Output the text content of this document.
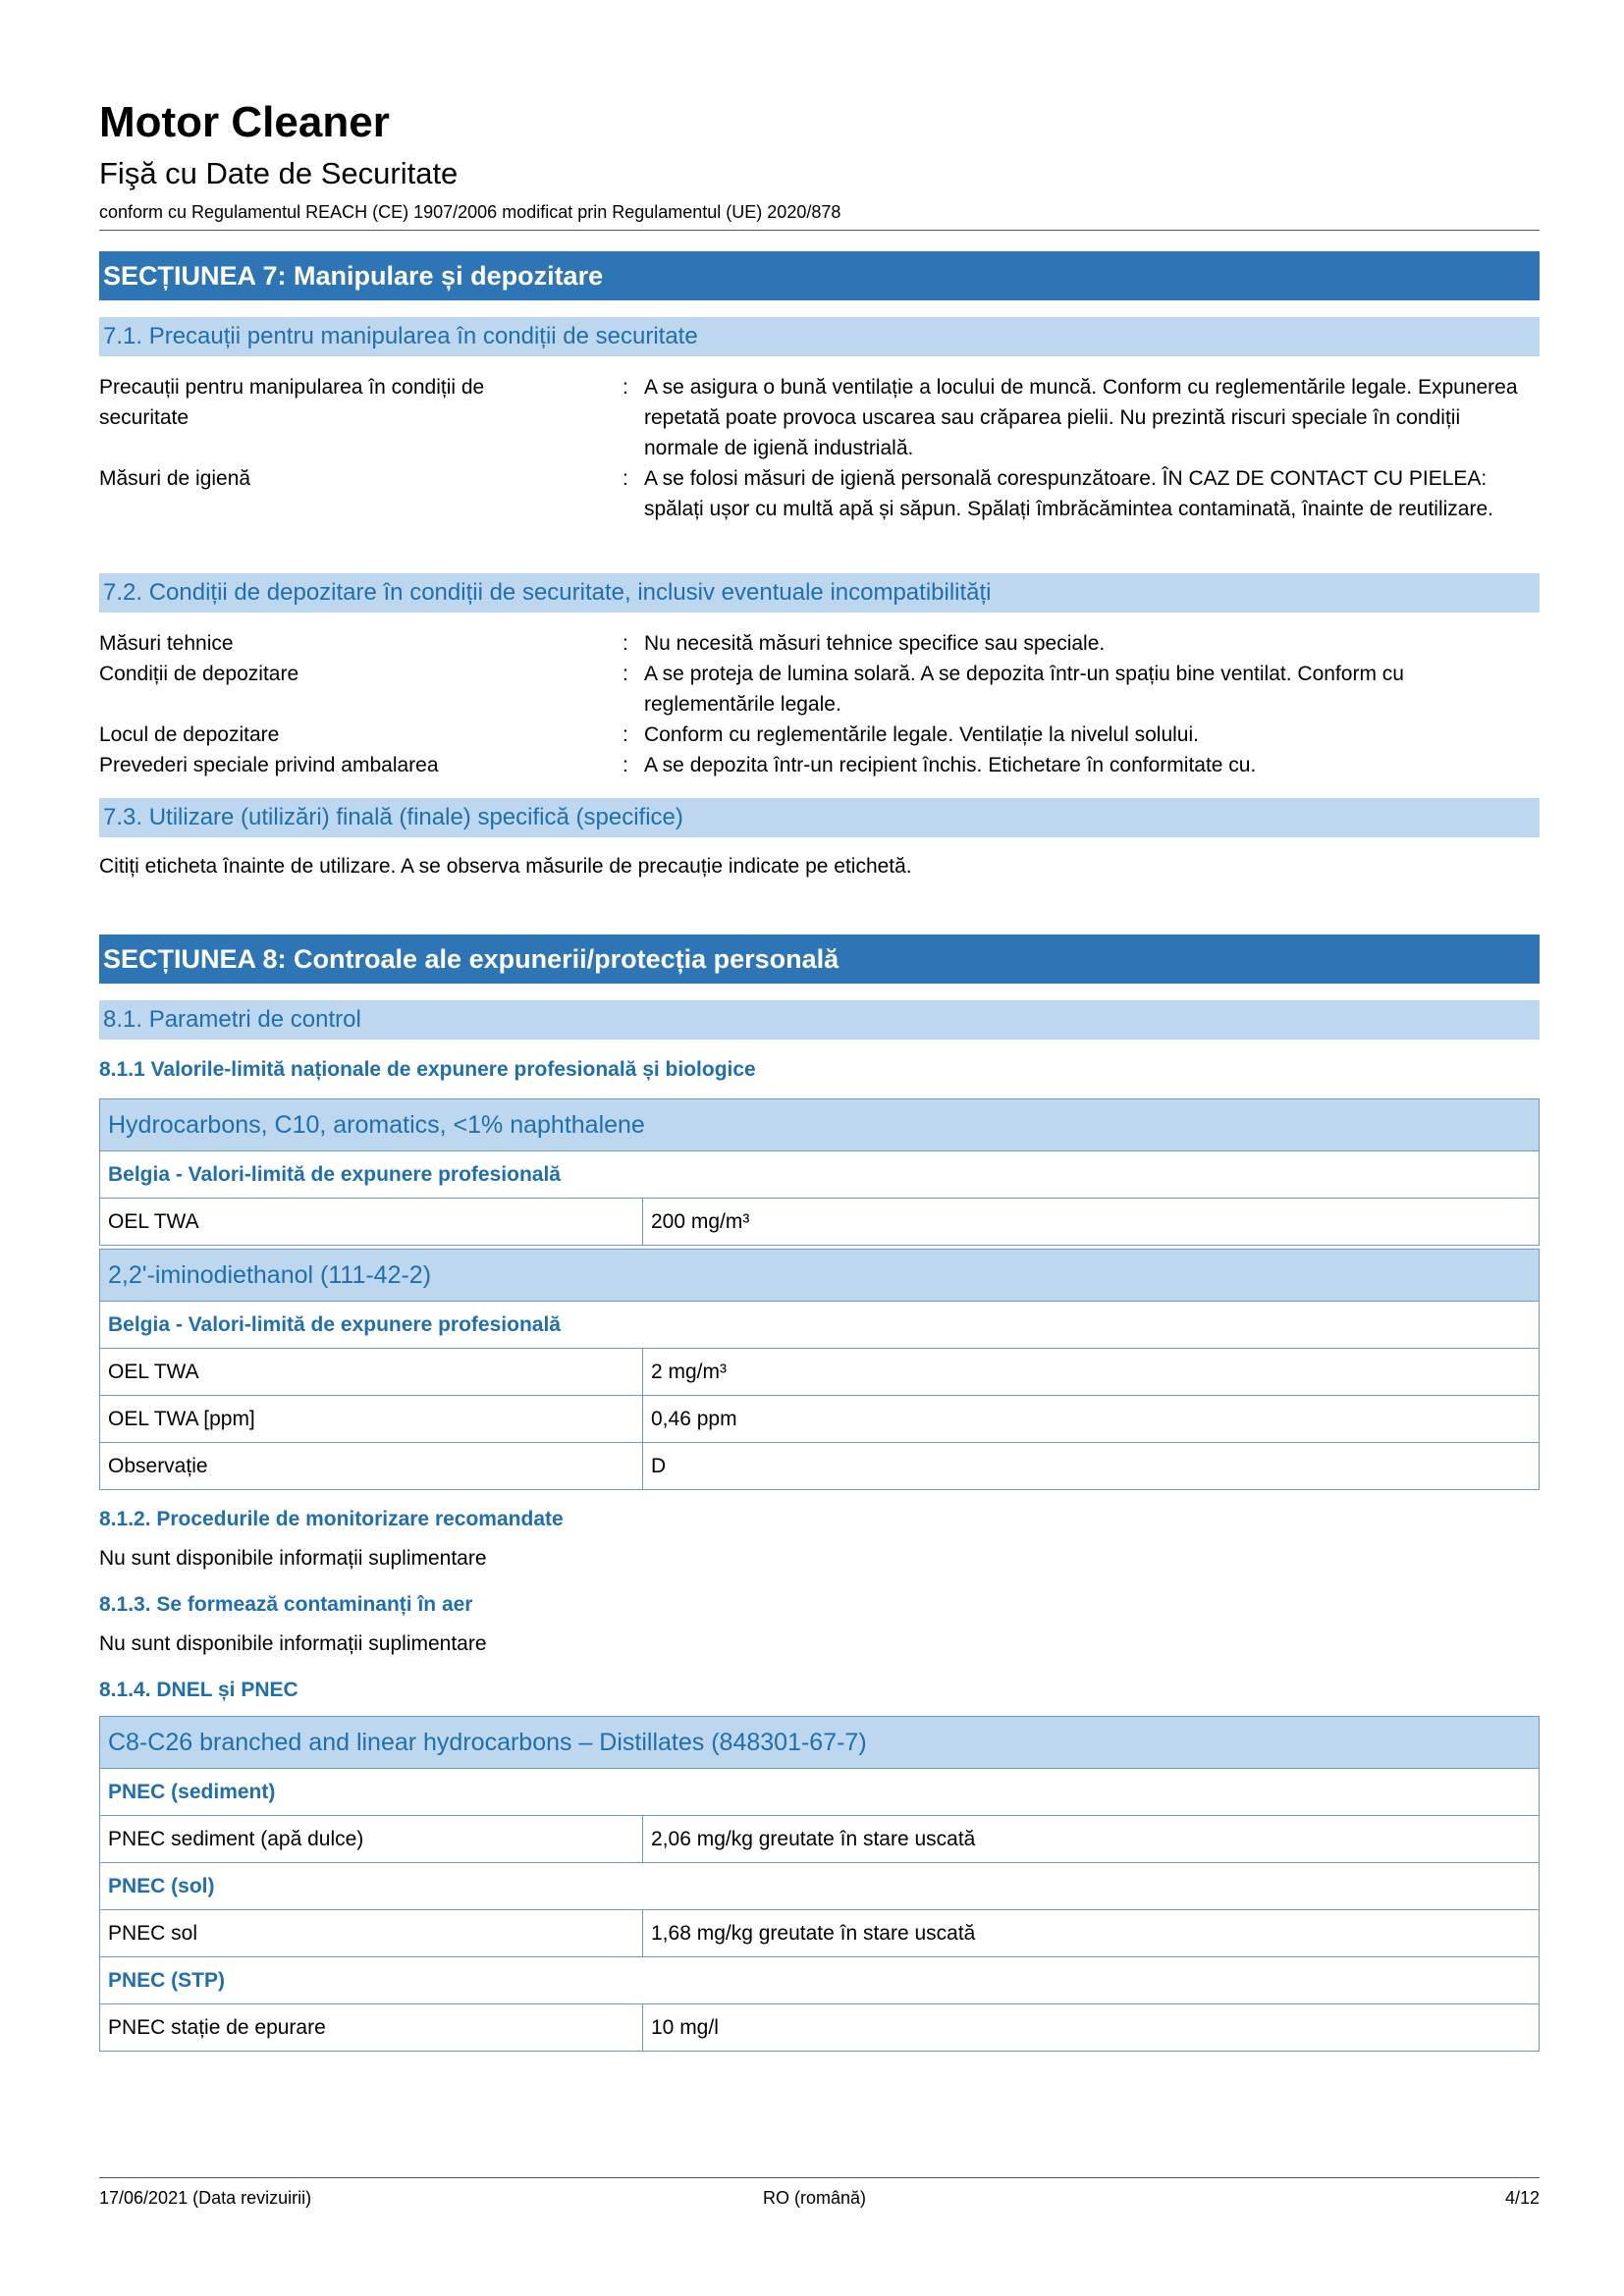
Motor Cleaner
Fişă cu Date de Securitate
conform cu Regulamentul REACH (CE) 1907/2006 modificat prin Regulamentul (UE) 2020/878
SECȚIUNEA 7: Manipulare și depozitare
7.1. Precauții pentru manipularea în condiții de securitate
Precauții pentru manipularea în condiții de securitate
: A se asigura o bună ventilație a locului de muncă. Conform cu reglementările legale. Expunerea repetată poate provoca uscarea sau crăparea pielii. Nu prezintă riscuri speciale în condiții normale de igienă industrială.
Măsuri de igienă	: A se folosi măsuri de igienă personală corespunzătoare. ÎN CAZ DE CONTACT CU PIELEA: spălați ușor cu multă apă și săpun. Spălați îmbrăcămintea contaminată, înainte de reutilizare.
7.2. Condiții de depozitare în condiții de securitate, inclusiv eventuale incompatibilități
Măsuri tehnice	: Nu necesită măsuri tehnice specifice sau speciale.
Condiții de depozitare	: A se proteja de lumina solară. A se depozita într-un spațiu bine ventilat. Conform cu reglementările legale.
Locul de depozitare	: Conform cu reglementările legale. Ventilație la nivelul solului.
Prevederi speciale privind ambalarea	: A se depozita într-un recipient închis. Etichetare în conformitate cu.
7.3. Utilizare (utilizări) finală (finale) specifică (specifice)
Citiți eticheta înainte de utilizare. A se observa măsurile de precauție indicate pe etichetă.
SECȚIUNEA 8: Controale ale expunerii/protecția personală
8.1. Parametri de control
8.1.1 Valorile-limită naționale de expunere profesională și biologice
Hydrocarbons, C10, aromatics, <1% naphthalene
Belgia - Valori-limită de expunere profesională
OEL TWA	200 mg/m³
2,2'-iminodiethanol (111-42-2)	
Belgia - Valori-limită de expunere profesională	
OEL TWA	2 mg/m³
OEL TWA [ppm]	0,46 ppm
Observație	D
8.1.2. Procedurile de monitorizare recomandate
Nu sunt disponibile informații suplimentare
8.1.3. Se formează contaminanți în aer
Nu sunt disponibile informații suplimentare
8.1.4. DNEL și PNEC
C8-C26 branched and linear hydrocarbons – Distillates (848301-67-7)	
PNEC (sediment)	
PNEC sediment (apă dulce)	2,06 mg/kg greutate în stare uscată
PNEC (sol)	
PNEC sol	1,68 mg/kg greutate în stare uscată
PNEC (STP)	
PNEC stație de epurare	10 mg/l
17/06/2021 (Data revizuirii)	RO (română)	4/12
